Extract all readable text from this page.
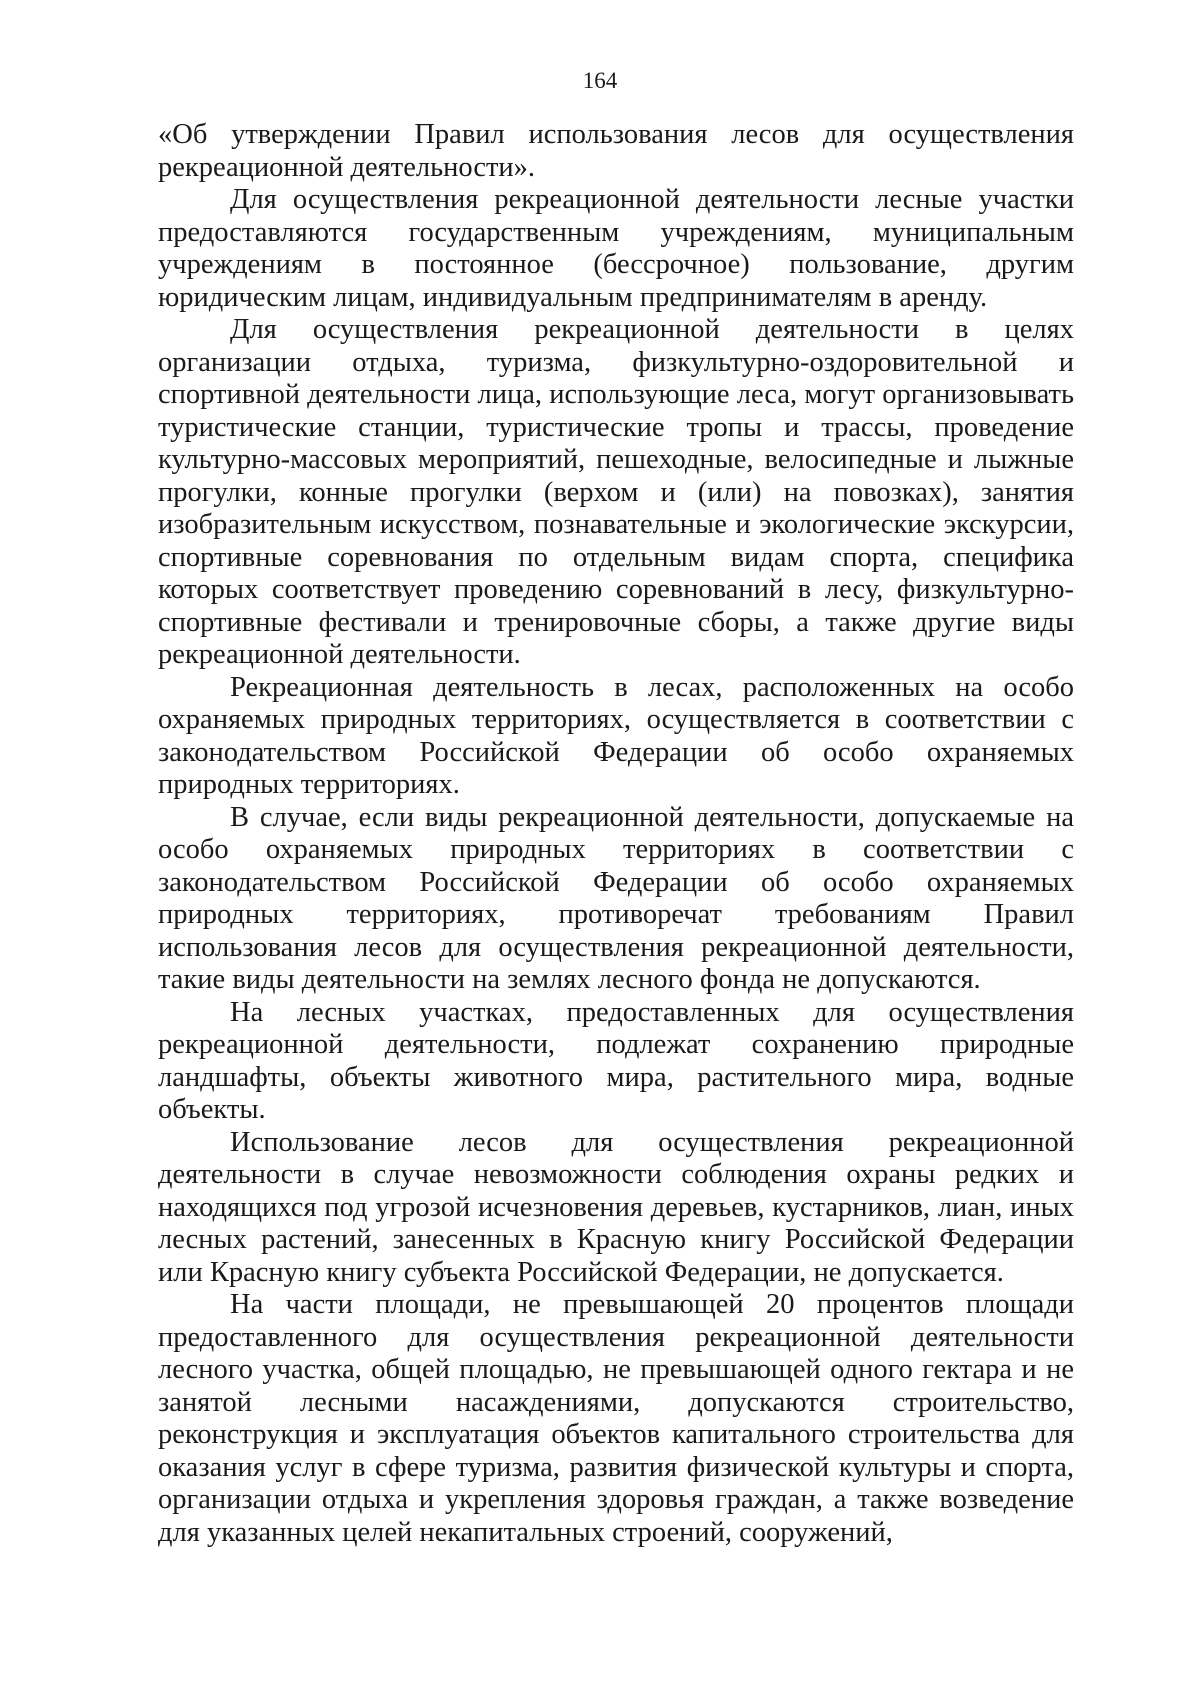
164

«Об утверждении Правил использования лесов для осуществления рекреационной деятельности».

Для осуществления рекреационной деятельности лесные участки предоставляются государственным учреждениям, муниципальным учреждениям в постоянное (бессрочное) пользование, другим юридическим лицам, индивидуальным предпринимателям в аренду.

Для осуществления рекреационной деятельности в целях организации отдыха, туризма, физкультурно-оздоровительной и спортивной деятельности лица, использующие леса, могут организовывать туристические станции, туристические тропы и трассы, проведение культурно-массовых мероприятий, пешеходные, велосипедные и лыжные прогулки, конные прогулки (верхом и (или) на повозках), занятия изобразительным искусством, познавательные и экологические экскурсии, спортивные соревнования по отдельным видам спорта, специфика которых соответствует проведению соревнований в лесу, физкультурно-спортивные фестивали и тренировочные сборы, а также другие виды рекреационной деятельности.

Рекреационная деятельность в лесах, расположенных на особо охраняемых природных территориях, осуществляется в соответствии с законодательством Российской Федерации об особо охраняемых природных территориях.

В случае, если виды рекреационной деятельности, допускаемые на особо охраняемых природных территориях в соответствии с законодательством Российской Федерации об особо охраняемых природных территориях, противоречат требованиям Правил использования лесов для осуществления рекреационной деятельности, такие виды деятельности на землях лесного фонда не допускаются.

На лесных участках, предоставленных для осуществления рекреационной деятельности, подлежат сохранению природные ландшафты, объекты животного мира, растительного мира, водные объекты.

Использование лесов для осуществления рекреационной деятельности в случае невозможности соблюдения охраны редких и находящихся под угрозой исчезновения деревьев, кустарников, лиан, иных лесных растений, занесенных в Красную книгу Российской Федерации или Красную книгу субъекта Российской Федерации, не допускается.

На части площади, не превышающей 20 процентов площади предоставленного для осуществления рекреационной деятельности лесного участка, общей площадью, не превышающей одного гектара и не занятой лесными насаждениями, допускаются строительство, реконструкция и эксплуатация объектов капитального строительства для оказания услуг в сфере туризма, развития физической культуры и спорта, организации отдыха и укрепления здоровья граждан, а также возведение для указанных целей некапитальных строений, сооружений,
